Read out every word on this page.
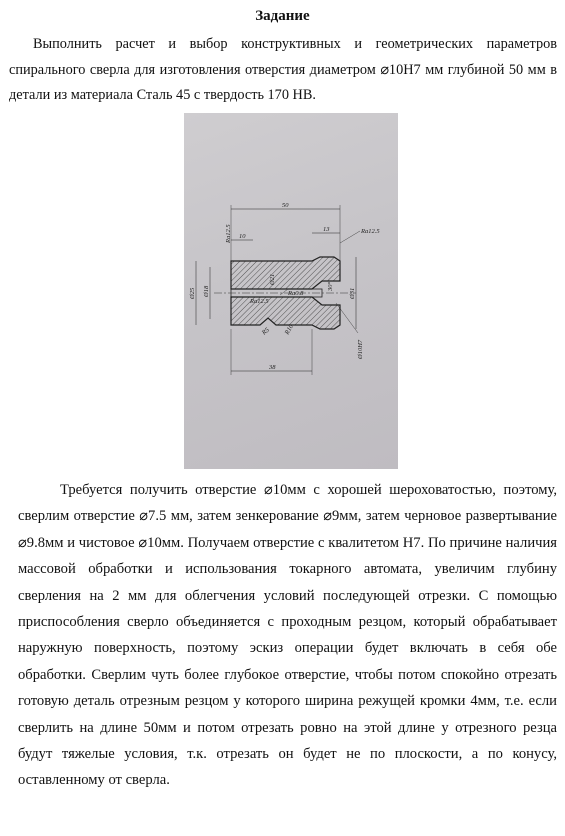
Задание

Выполнить расчет и выбор конструктивных и геометрических параметров спирального сверла для изготовления отверстия диаметром ⌀10H7 мм глубиной 50 мм в детали из материала Сталь 45 с твердость 170 HB.

50
10
13
Ra12.5	Ra12.5
Ø25 Ø18
Ø21
30°
Ø31
Ra0.8
Ra12.5
R5 R10
Ø10H7
38

Требуется получить отверстие ⌀10мм с хорошей шероховатостью, поэтому, сверлим отверстие ⌀7.5 мм, затем зенкерование ⌀9мм, затем черновое развертывание ⌀9.8мм и чистовое ⌀10мм. Получаем отверстие с квалитетом H7. По причине наличия массовой обработки и использования токарного автомата, увеличим глубину сверления на 2 мм для облегчения условий последующей отрезки. С помощью приспособления сверло объединяется с проходным резцом, который обрабатывает наружную поверхность, поэтому эскиз операции будет включать в себя обе обработки. Сверлим чуть более глубокое отверстие, чтобы потом спокойно отрезать готовую деталь отрезным резцом у которого ширина режущей кромки 4мм, т.е. если сверлить на длине 50мм и потом отрезать ровно на этой длине у отрезного резца будут тяжелые условия, т.к. отрезать он будет не по плоскости, а по конусу, оставленному от сверла.
